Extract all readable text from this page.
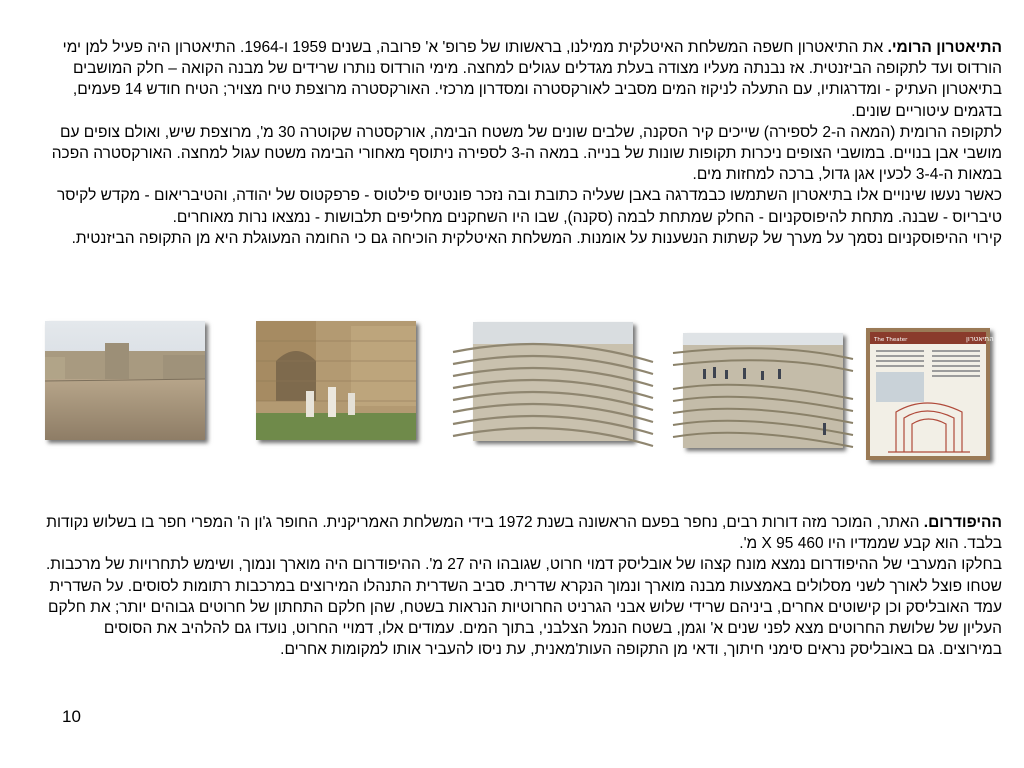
התיאטרון הרומי. את התיאטרון חשפה המשלחת האיטלקית ממילנו, בראשותו של פרופ' א' פרובה, בשנים 1959 ו-1964. התיאטרון היה פעיל למן ימי הורדוס ועד לתקופה הביזנטית. אז נבנתה מעליו מצודה בעלת מגדלים עגולים למחצה. מימי הורדוס נותרו שרידים של מבנה הקואה – חלק המושבים בתיאטרון העתיק - ומדרגותיו, עם התעלה לניקוז המים מסביב לאורקסטרה ומסדרון מרכזי. האורקסטרה מרוצפת טיח מצויר; הטיח חודש 14 פעמים, בדגמים עיטוריים שונים.

לתקופה הרומית (המאה ה-2 לספירה) שייכים קיר הסקנה, שלבים שונים של משטח הבימה, אורקסטרה שקוטרה 30 מ', מרוצפת שיש, ואולם צופים עם מושבי אבן בנויים. במושבי הצופים ניכרות תקופות שונות של בנייה. במאה ה-3 לספירה ניתוסף מאחורי הבימה משטח עגול למחצה. האורקסטרה הפכה במאות ה-3-4 לכעין אגן גדול, ברכה למחזות מים.

כאשר נעשו שינויים אלו בתיאטרון השתמשו כבמדרגה באבן שעליה כתובת ובה נזכר פונטיוס פילטוס - פרפקטוס של יהודה, והטיבריאום - מקדש לקיסר טיבריוס - שבנה. מתחת להיפוסקניום - החלק שמתחת לבמה (סקנה), שבו היו השחקנים מחליפים תלבושות - נמצאו נרות מאוחרים.

קירוי ההיפוסקניום נסמך על מערך של קשתות הנשענות על אומנות. המשלחת האיטלקית הוכיחה גם כי החומה המעוגלת היא מן התקופה הביזנטית.

התיאטרון
The Theater

ההיפודרום. האתר, המוכר מזה דורות רבים, נחפר בפעם הראשונה בשנת 1972 בידי המשלחת האמריקנית. החופר ג'ון ה' המפרי חפר בו בשלוש נקודות בלבד. הוא קבע שממדיו היו 460 X 95 מ'.

בחלקו המערבי של ההיפודרום נמצא מונח קצהו של אובליסק דמוי חרוט, שגובהו היה 27 מ'. ההיפודרום היה מוארך ונמוך, ושימש לתחרויות של מרכבות. שטחו פוצל לאורך לשני מסלולים באמצעות מבנה מוארך ונמוך הנקרא שדרית. סביב השדרית התנהלו המירוצים במרכבות רתומות לסוסים. על השדרית עמד האובליסק וכן קישוטים אחרים, ביניהם שרידי שלוש אבני הגרניט החרוטיות הנראות בשטח, שהן חלקם התחתון של חרוטים גבוהים יותר; את חלקם העליון של שלושת החרוטים מצא לפני שנים א' וגמן, בשטח הנמל הצלבני, בתוך המים. עמודים אלו, דמויי החרוט, נועדו גם להלהיב את הסוסים במירוצים. גם באובליסק נראים סימני חיתוך, ודאי מן התקופה העות'מאנית, עת ניסו להעביר אותו למקומות אחרים.

10
